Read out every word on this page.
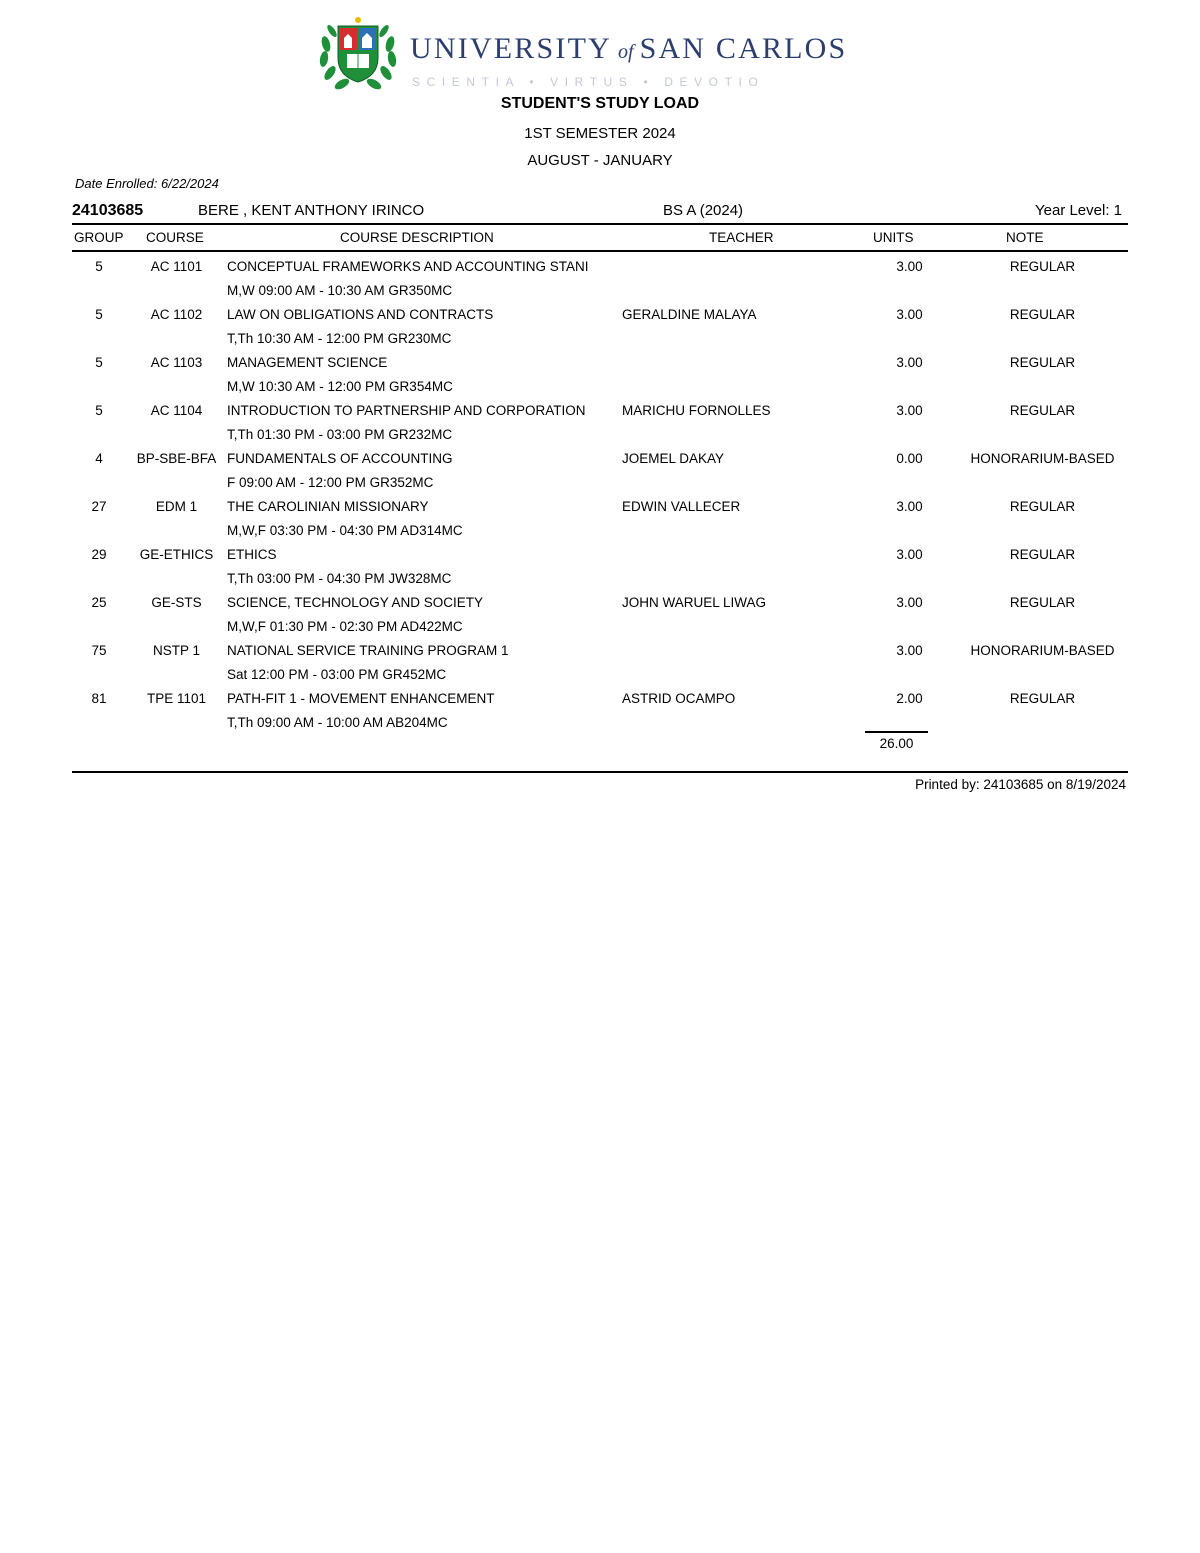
UNIVERSITY of SAN CARLOS
SCIENTIA • VIRTUS • DEVOTIO
STUDENT'S STUDY LOAD
1ST SEMESTER 2024
AUGUST - JANUARY
Date Enrolled: 6/22/2024
24103685	BERE , KENT ANTHONY IRINCO	BS A (2024)	Year Level: 1
GROUP COURSE	COURSE DESCRIPTION	TEACHER	UNITS	NOTE
5	AC 1101	CONCEPTUAL FRAMEWORKS AND ACCOUNTING STANI		3.00	REGULAR
		M,W 09:00 AM - 10:30 AM GR350MC			
5	AC 1102	LAW ON OBLIGATIONS AND CONTRACTS	GERALDINE MALAYA	3.00	REGULAR
		T,Th 10:30 AM - 12:00 PM GR230MC			
5	AC 1103	MANAGEMENT SCIENCE		3.00	REGULAR
		M,W 10:30 AM - 12:00 PM GR354MC			
5	AC 1104	INTRODUCTION TO PARTNERSHIP AND CORPORATION	MARICHU FORNOLLES	3.00	REGULAR
		T,Th 01:30 PM - 03:00 PM GR232MC			
4	BP-SBE-BFA	FUNDAMENTALS OF ACCOUNTING	JOEMEL DAKAY	0.00	HONORARIUM-BASED
		F 09:00 AM - 12:00 PM GR352MC			
27	EDM 1	THE CAROLINIAN MISSIONARY	EDWIN VALLECER	3.00	REGULAR
		M,W,F 03:30 PM - 04:30 PM AD314MC			
29	GE-ETHICS	ETHICS		3.00	REGULAR
		T,Th 03:00 PM - 04:30 PM JW328MC			
25	GE-STS	SCIENCE, TECHNOLOGY AND SOCIETY	JOHN WARUEL LIWAG	3.00	REGULAR
		M,W,F 01:30 PM - 02:30 PM AD422MC			
75	NSTP 1	NATIONAL SERVICE TRAINING PROGRAM 1		3.00	HONORARIUM-BASED
		Sat 12:00 PM - 03:00 PM GR452MC			
81	TPE 1101	PATH-FIT 1 - MOVEMENT ENHANCEMENT	ASTRID OCAMPO	2.00	REGULAR
		T,Th 09:00 AM - 10:00 AM AB204MC			
26.00
Printed by: 24103685 on 8/19/2024
